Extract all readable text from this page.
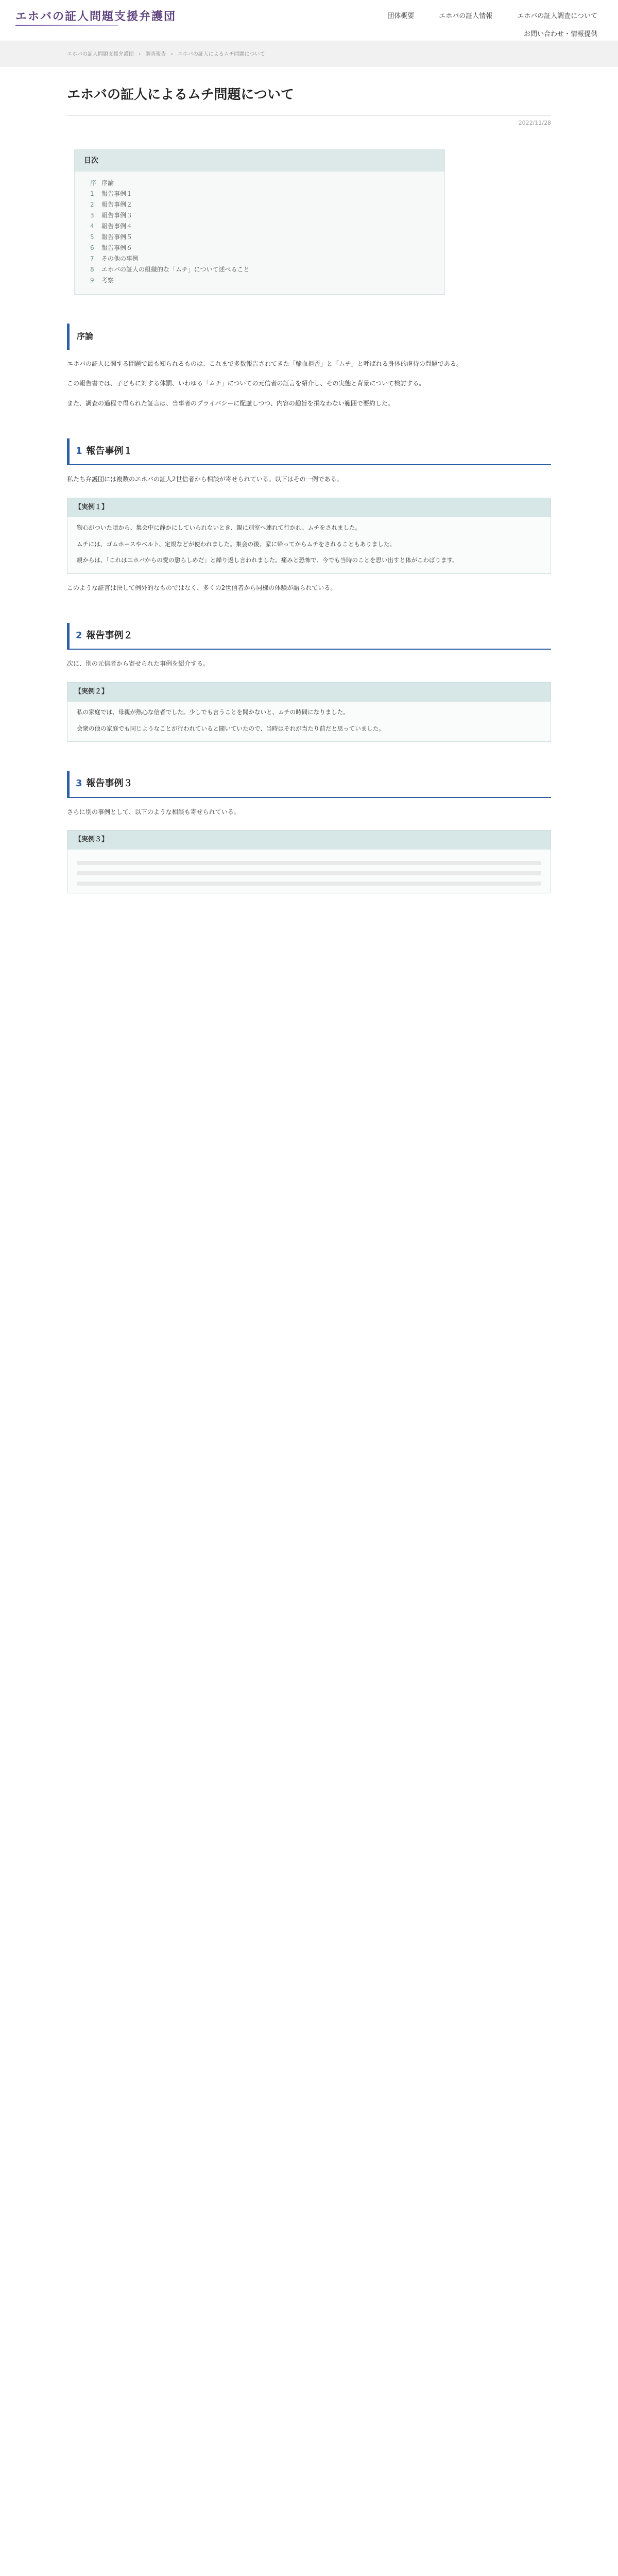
エホバの証人問題支援弁護団	団体概要	エホバの証人情報	エホバの証人調査について
お問い合わせ・情報提供
エホバの証人問題支援弁護団 › 調査報告 › エホバの証人によるムチ問題について
エホバの証人によるムチ問題について
2022/11/28
目次
序 序論
1 報告事例１
2 報告事例２
3 報告事例３
4 報告事例４
5 報告事例５
6 報告事例６
7 その他の事例
8 エホバの証人の組織的な「ムチ」について述べること
9 考察
序論

エホバの証人に関する問題で最も知られるものは、これまで多数報告されてきた「輸血拒否」と「ムチ」と呼ばれる身体的虐待の問題である。

この報告書では、子どもに対する体罰、いわゆる「ムチ」についての元信者の証言を紹介し、その実態と背景について検討する。

また、調査の過程で得られた証言は、当事者のプライバシーに配慮しつつ、内容の趣旨を損なわない範囲で要約した。

1 報告事例１

私たち弁護団には複数のエホバの証人2世信者から相談が寄せられている。以下はその一例である。

【実例１】

物心がついた頃から、集会中に静かにしていられないとき、親に別室へ連れて行かれ、ムチをされました。

ムチには、ゴムホースやベルト、定規などが使われました。集会の後、家に帰ってからムチをされることもありました。

親からは、「これはエホバからの愛の懲らしめだ」と繰り返し言われました。痛みと恐怖で、今でも当時のことを思い出すと体がこわばります。

このような証言は決して例外的なものではなく、多くの2世信者から同様の体験が語られている。

2 報告事例２

次に、別の元信者から寄せられた事例を紹介する。

【実例２】

私の家庭では、母親が熱心な信者でした。少しでも言うことを聞かないと、ムチの時間になりました。

会衆の他の家庭でも同じようなことが行われていると聞いていたので、当時はそれが当たり前だと思っていました。

3 報告事例３

さらに別の事例として、以下のような相談も寄せられている。

【実例３】
